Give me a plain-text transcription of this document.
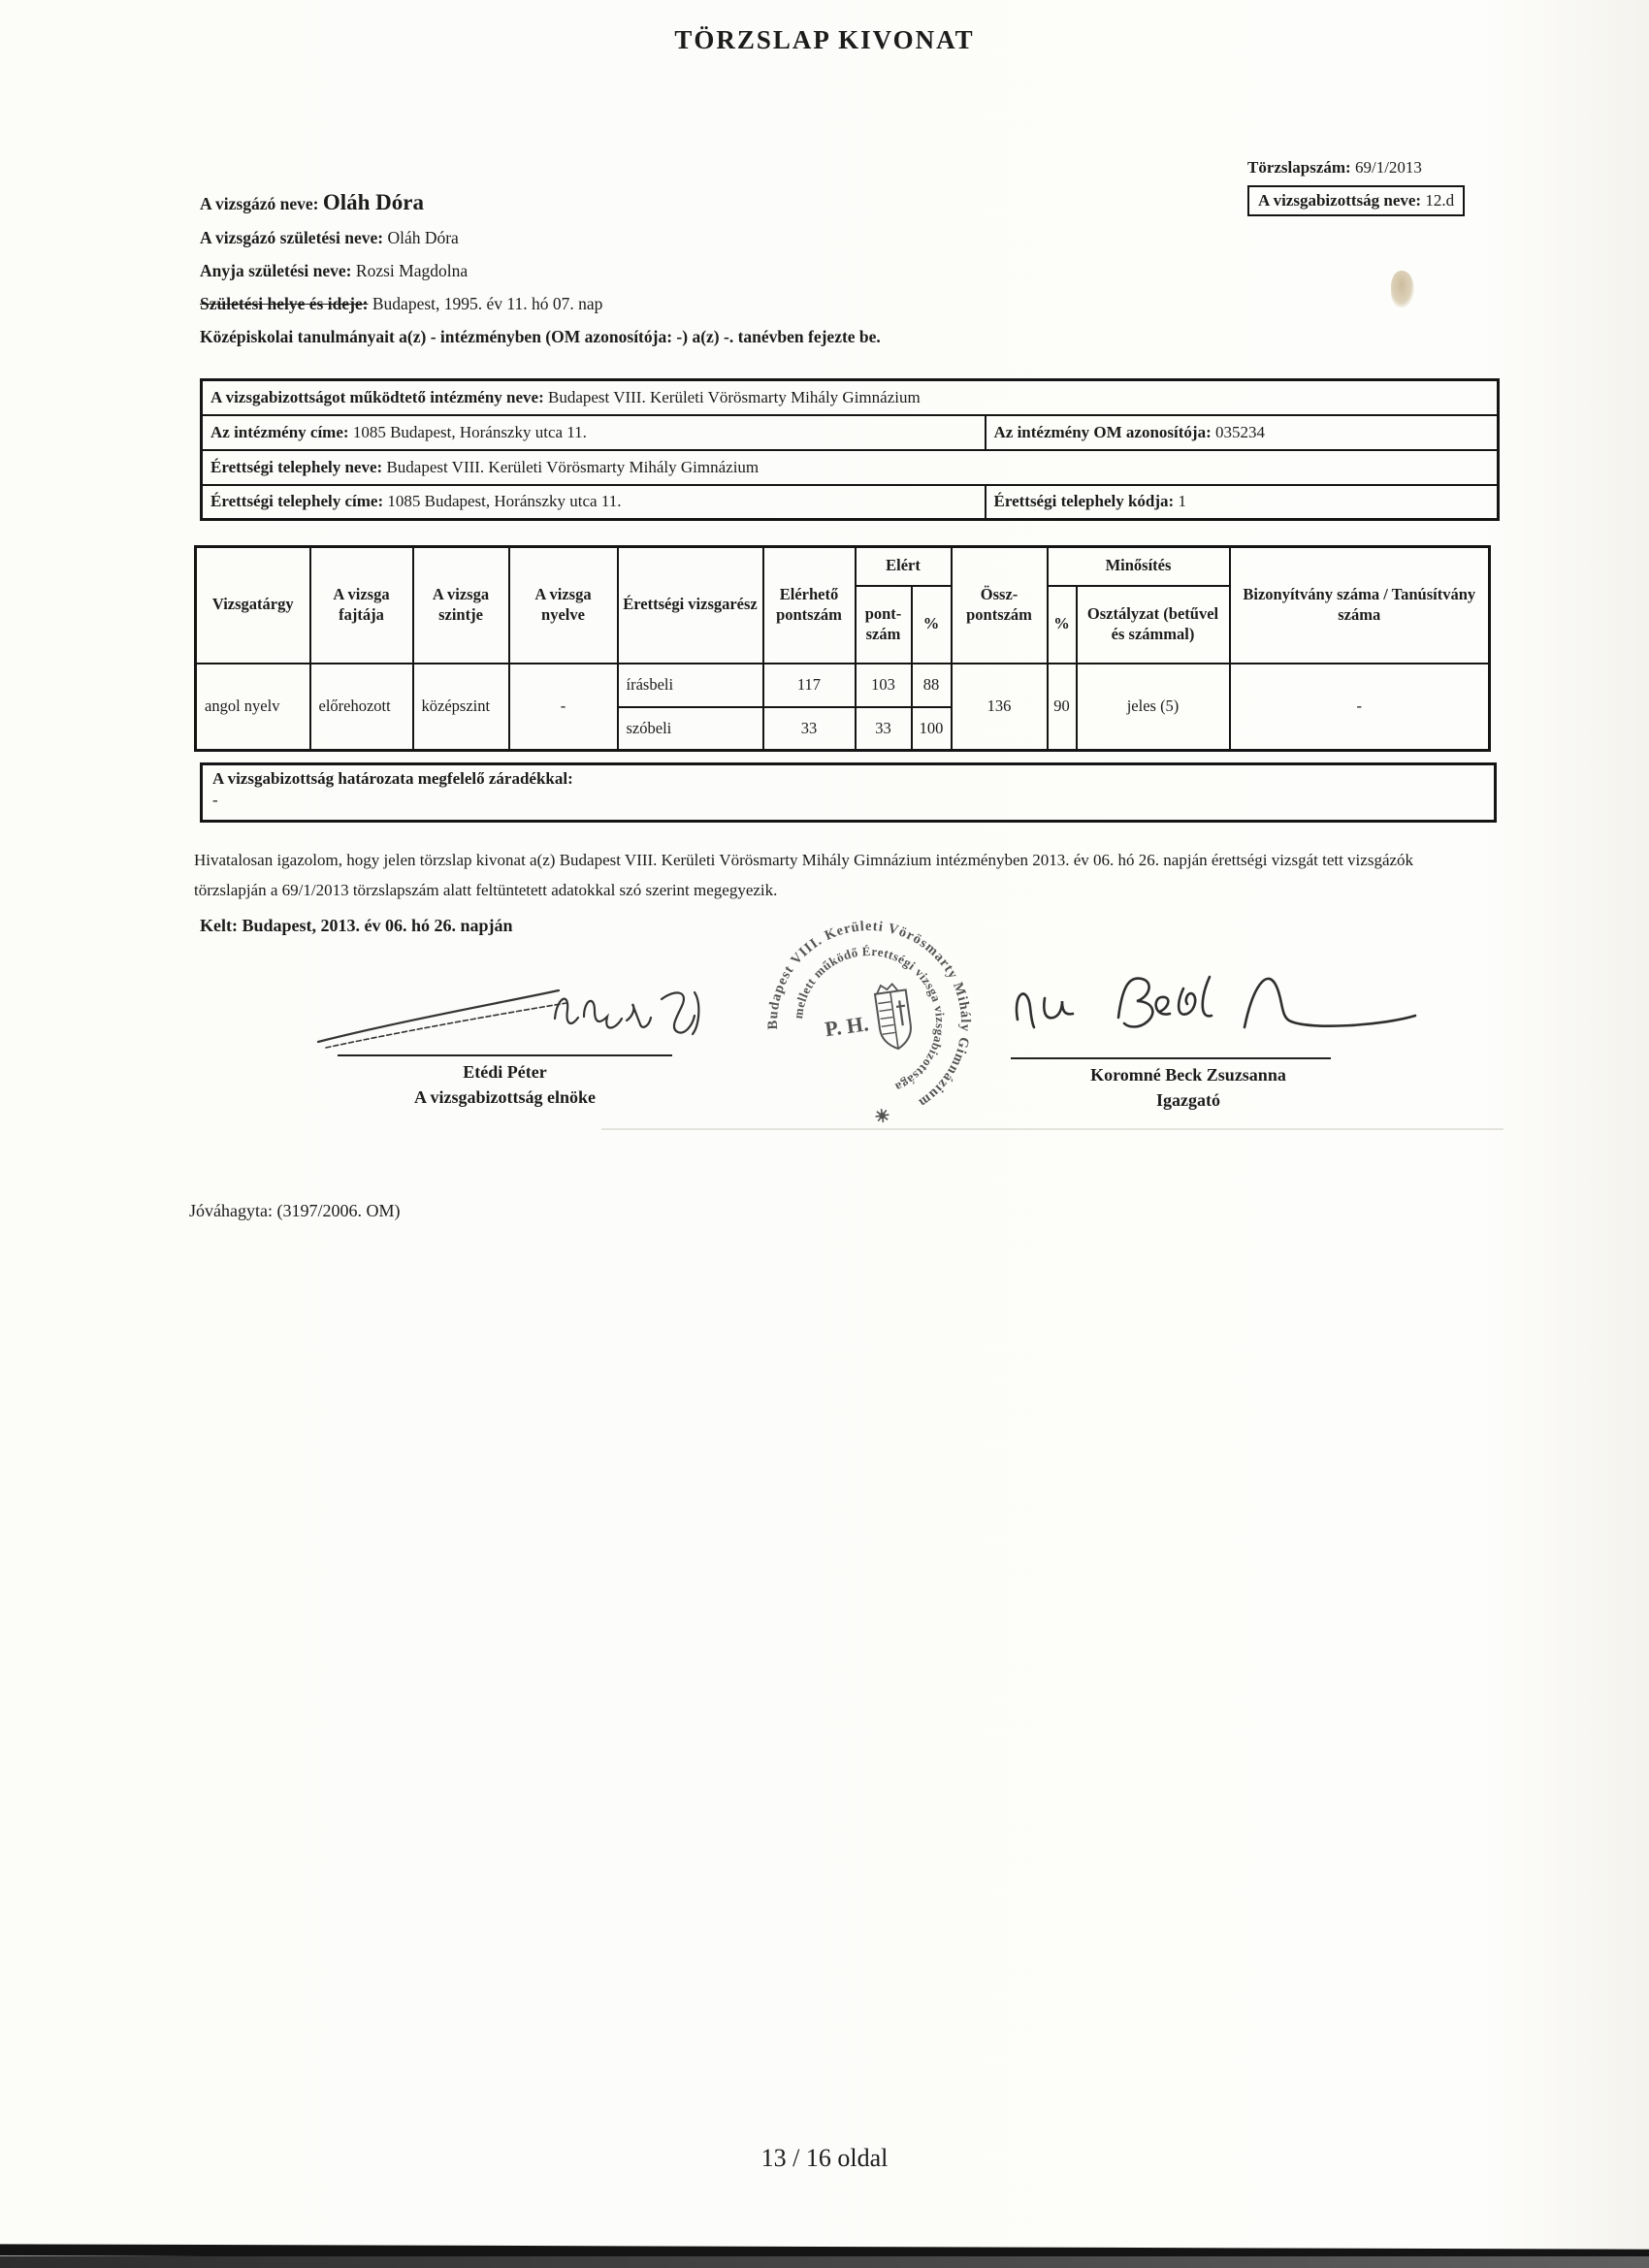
TÖRZSLAP KIVONAT
Törzslapszám: 69/1/2013
A vizsgabizottság neve: 12.d
A vizsgázó neve: Oláh Dóra
A vizsgázó születési neve: Oláh Dóra
Anyja születési neve: Rozsi Magdolna
Születési helye és ideje: Budapest, 1995. év 11. hó 07. nap
Középiskolai tanulmányait a(z) - intézményben (OM azonosítója: -) a(z) -. tanévben fejezte be.
A vizsgabizottságot működtető intézmény neve: Budapest VIII. Kerületi Vörösmarty Mihály Gimnázium	
Az intézmény címe: 1085 Budapest, Horánszky utca 11.	Az intézmény OM azonosítója: 035234
Érettségi telephely neve: Budapest VIII. Kerületi Vörösmarty Mihály Gimnázium	
Érettségi telephely címe: 1085 Budapest, Horánszky utca 11.	Érettségi telephely kódja: 1
Vizsgatárgy	A vizsga fajtája	A vizsga szintje	A vizsga nyelve	Érettségi vizsgarész	Elérhető pontszám	Elért		Össz-pontszám	Minősítés		Bizonyítvány száma / Tanúsítvány száma
						pont-szám	%		%	Osztályzat (betűvel és számmal)	
angol nyelv	előrehozott	középszint	-	írásbeli	117	103	88	136	90	jeles (5)	-
				szóbeli	33	33	100				
A vizsgabizottság határozata megfelelő záradékkal:
-
Hivatalosan igazolom, hogy jelen törzslap kivonat a(z) Budapest VIII. Kerületi Vörösmarty Mihály Gimnázium intézményben 2013. év 06. hó 26. napján érettségi vizsgát tett vizsgázók törzslapján a 69/1/2013 törzslapszám alatt feltüntetett adatokkal szó szerint megegyezik.
Kelt: Budapest, 2013. év 06. hó 26. napján
Etédi Péter
A vizsgabizottság elnöke
Budapest VIII. Kerületi Vörösmarty Mihály Gimnázium
mellett működő Érettségi vizsga vizsgabizottsága
P. H.
Koromné Beck Zsuzsanna
Igazgató
Jóváhagyta: (3197/2006. OM)
13 / 16 oldal
